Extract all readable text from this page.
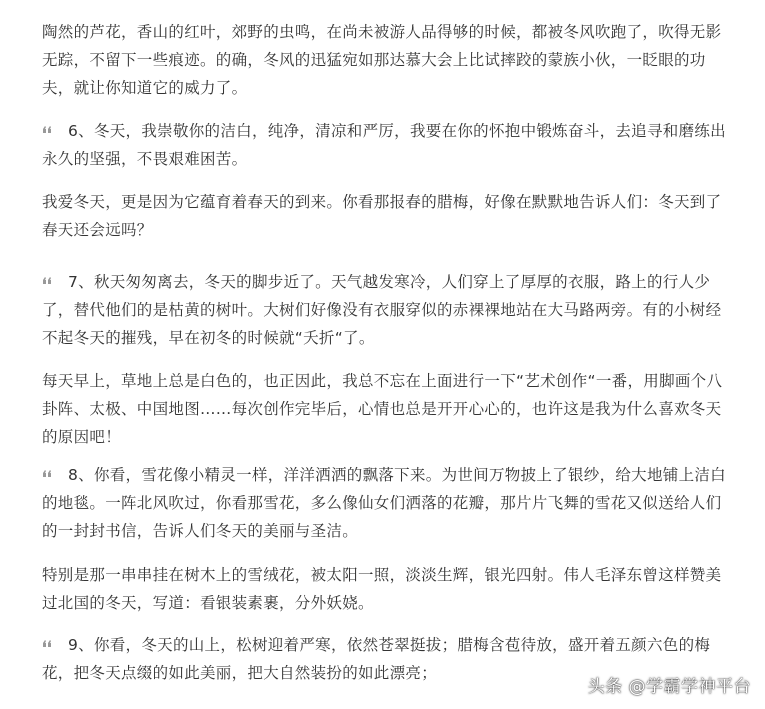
陶然的芦花，香山的红叶，郊野的虫鸣，在尚未被游人品得够的时候，都被冬风吹跑了，吹得无影无踪，不留下一些痕迹。的确，冬风的迅猛宛如那达慕大会上比试摔跤的蒙族小伙，一眨眼的功夫，就让你知道它的威力了。

6、冬天，我崇敬你的洁白，纯净，清凉和严厉，我要在你的怀抱中锻炼奋斗，去追寻和磨练出永久的坚强，不畏艰难困苦。

我爱冬天，更是因为它蕴育着春天的到来。你看那报春的腊梅，好像在默默地告诉人们：冬天到了春天还会远吗？

7、秋天匆匆离去，冬天的脚步近了。天气越发寒冷，人们穿上了厚厚的衣服，路上的行人少了，替代他们的是枯黄的树叶。大树们好像没有衣服穿似的赤裸裸地站在大马路两旁。有的小树经不起冬天的摧残，早在初冬的时候就“夭折“了。

每天早上，草地上总是白色的，也正因此，我总不忘在上面进行一下“艺术创作“一番，用脚画个八卦阵、太极、中国地图……每次创作完毕后，心情也总是开开心心的，也许这是我为什么喜欢冬天的原因吧！

8、你看，雪花像小精灵一样，洋洋洒洒的飘落下来。为世间万物披上了银纱，给大地铺上洁白的地毯。一阵北风吹过，你看那雪花，多么像仙女们洒落的花瓣，那片片飞舞的雪花又似送给人们的一封封书信，告诉人们冬天的美丽与圣洁。

特别是那一串串挂在树木上的雪绒花，被太阳一照，淡淡生辉，银光四射。伟人毛泽东曾这样赞美过北国的冬天，写道：看银装素裹，分外妖娆。

9、你看，冬天的山上，松树迎着严寒，依然苍翠挺拔；腊梅含苞待放，盛开着五颜六色的梅花，把冬天点缀的如此美丽，把大自然装扮的如此漂亮；

头条 @学霸学神平台
